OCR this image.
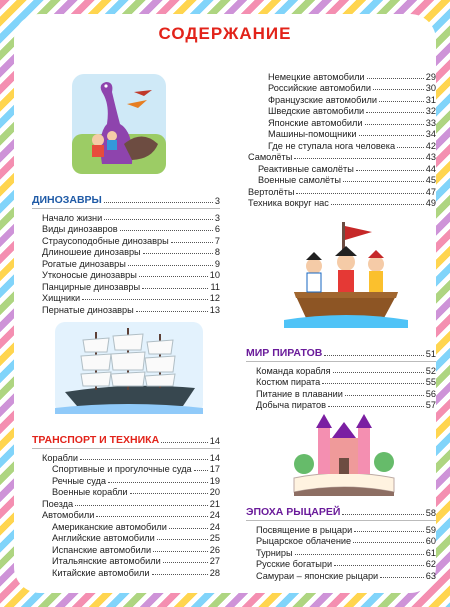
СОДЕРЖАНИЕ
ДИНОЗАВРЫ	3
Начало жизни	3
Виды динозавров	6
Страусоподобные динозавры	7
Длиношеие динозавры	8
Рогатые динозавры	9
Утконосые динозавры	10
Панцирные динозавры	11
Хищники	12
Пернатые динозавры	13
ТРАНСПОРТ И ТЕХНИКА	14
Корабли	14
Спортивные и прогулочные суда 17
Речные суда	19
Военные корабли	20
Поезда	21
Автомобили	24
Американские автомобили	24
Английские автомобили	25
Испанские автомобили	26
Итальянские автомобили	27
Китайские автомобили	28
Немецкие автомобили	29
Российские автомобили	30
Французские автомобили	31
Шведские автомобили	32
Японские автомобили	33
Машины-помощники	34
Где не ступала нога человека	42
Самолёты	43
Реактивные самолёты	44
Военные самолёты	45
Вертолёты	47
Техника вокруг нас	49
МИР ПИРАТОВ	51
Команда корабля	52
Костюм пирата	55
Питание в плавании	56
Добыча пиратов	57
ЭПОХА РЫЦАРЕЙ	58
Посвящение в рыцари	59
Рыцарское облачение	60
Турниры	61
Русские богатыри	62
Самураи – японские рыцари	63
